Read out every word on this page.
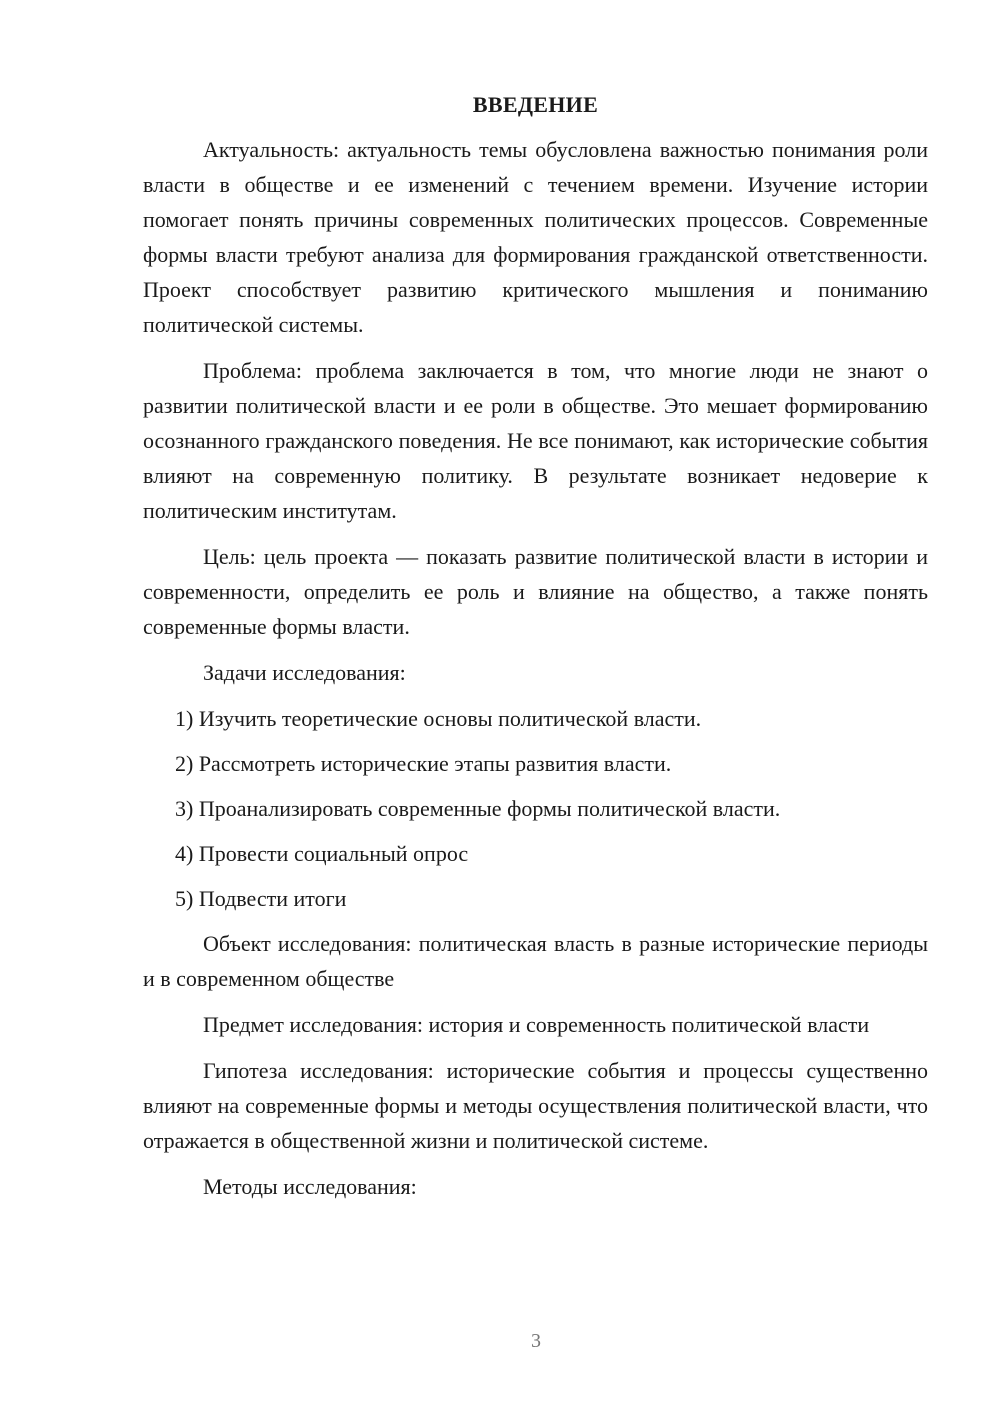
ВВЕДЕНИЕ

Актуальность: актуальность темы обусловлена важностью понимания роли власти в обществе и ее изменений с течением времени. Изучение истории помогает понять причины современных политических процессов. Современные формы власти требуют анализа для формирования гражданской ответственности. Проект способствует развитию критического мышления и пониманию политической системы.

Проблема: проблема заключается в том, что многие люди не знают о развитии политической власти и ее роли в обществе. Это мешает формированию осознанного гражданского поведения. Не все понимают, как исторические события влияют на современную политику. В результате возникает недоверие к политическим институтам.

Цель: цель проекта — показать развитие политической власти в истории и современности, определить ее роль и влияние на общество, а также понять современные формы власти.

Задачи исследования:

1) Изучить теоретические основы политической власти.
2) Рассмотреть исторические этапы развития власти.
3) Проанализировать современные формы политической власти.
4) Провести социальный опрос
5) Подвести итоги

Объект исследования: политическая власть в разные исторические периоды и в современном обществе

Предмет исследования: история и современность политической власти

Гипотеза исследования: исторические события и процессы существенно влияют на современные формы и методы осуществления политической власти, что отражается в общественной жизни и политической системе.

Методы исследования:

3
